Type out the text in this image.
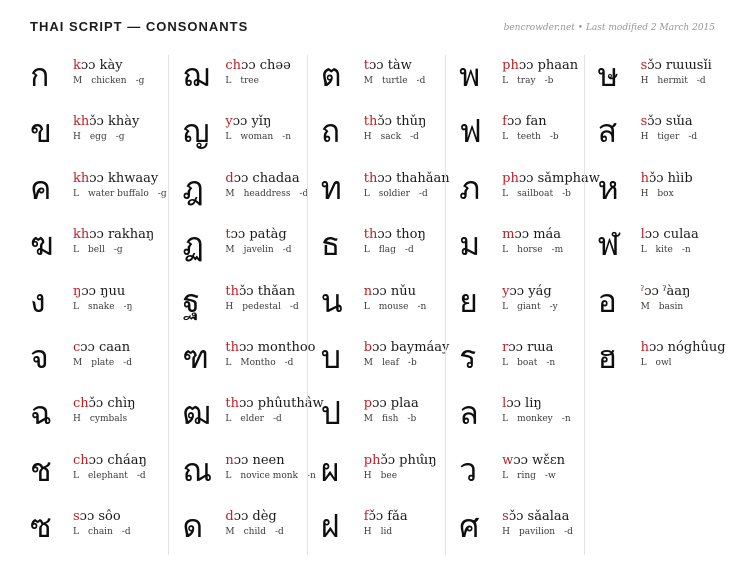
THAI SCRIPT — CONSONANTS	bencrowder.net • Last modified 2 March 2015
ก	kɔɔ kày
M chicken -g
ข	khɔ̌ɔ khày
H egg -g
ค	khɔɔ khwaay
L water buffalo -g
ฆ	khɔɔ rakhaŋ
L bell -g
ง	ŋɔɔ ŋuu
L snake -ŋ
จ	cɔɔ caan
M plate -d
ฉ	chɔ̌ɔ chìŋ
H cymbals
ช	chɔɔ cháaŋ
L elephant -d
ซ	sɔɔ sôo
L chain -d
ฌ	chɔɔ chəə
L tree
ญ	yɔɔ yǐŋ
L woman -n
ฎ	dɔɔ chadaa
M headdress -d
ฏ	tɔɔ patàg
M javelin -d
ฐ	thɔ̌ɔ thǎan
H pedestal -d
ฑ	thɔɔ monthoo
L Montho -d
ฒ	thɔɔ phûuthâw
L elder -d
ณ	nɔɔ neen
L novice monk -n
ด	dɔɔ dèg
M child -d
ต	tɔɔ tàw
M turtle -d
ถ	thɔ̌ɔ thǔŋ
H sack -d
ท	thɔɔ thahǎan
L soldier -d
ธ	thɔɔ thoŋ
L flag -d
น	nɔɔ nǔu
L mouse -n
บ	bɔɔ baymáay
M leaf -b
ป	pɔɔ plaa
M fish -b
ผ	phɔ̌ɔ phɯ̂ŋ
H bee
ฝ	fɔ̌ɔ fǎa
H lid
พ	phɔɔ phaan
L tray -b
ฟ	fɔɔ fan
L teeth -b
ภ	phɔɔ sǎmphaw
L sailboat -b
ม	mɔɔ máa
L horse -m
ย	yɔɔ yág
L giant -y
ร	rɔɔ rɯa
L boat -n
ล	lɔɔ liŋ
L monkey -n
ว	wɔɔ wɛ̌ɛn
L ring -w
ศ	sɔ̌ɔ sǎalaa
H pavilion -d
ษ	sɔ̌ɔ rɯɯsǐi
H hermit -d
ส	sɔ̌ɔ sɯ̌a
H tiger -d
ห	hɔ̌ɔ hìib
H box
ฬ	lɔɔ culaa
L kite -n
อ	ˀɔɔ ˀàaŋ
M basin
ฮ	hɔɔ nóghûug
L owl
